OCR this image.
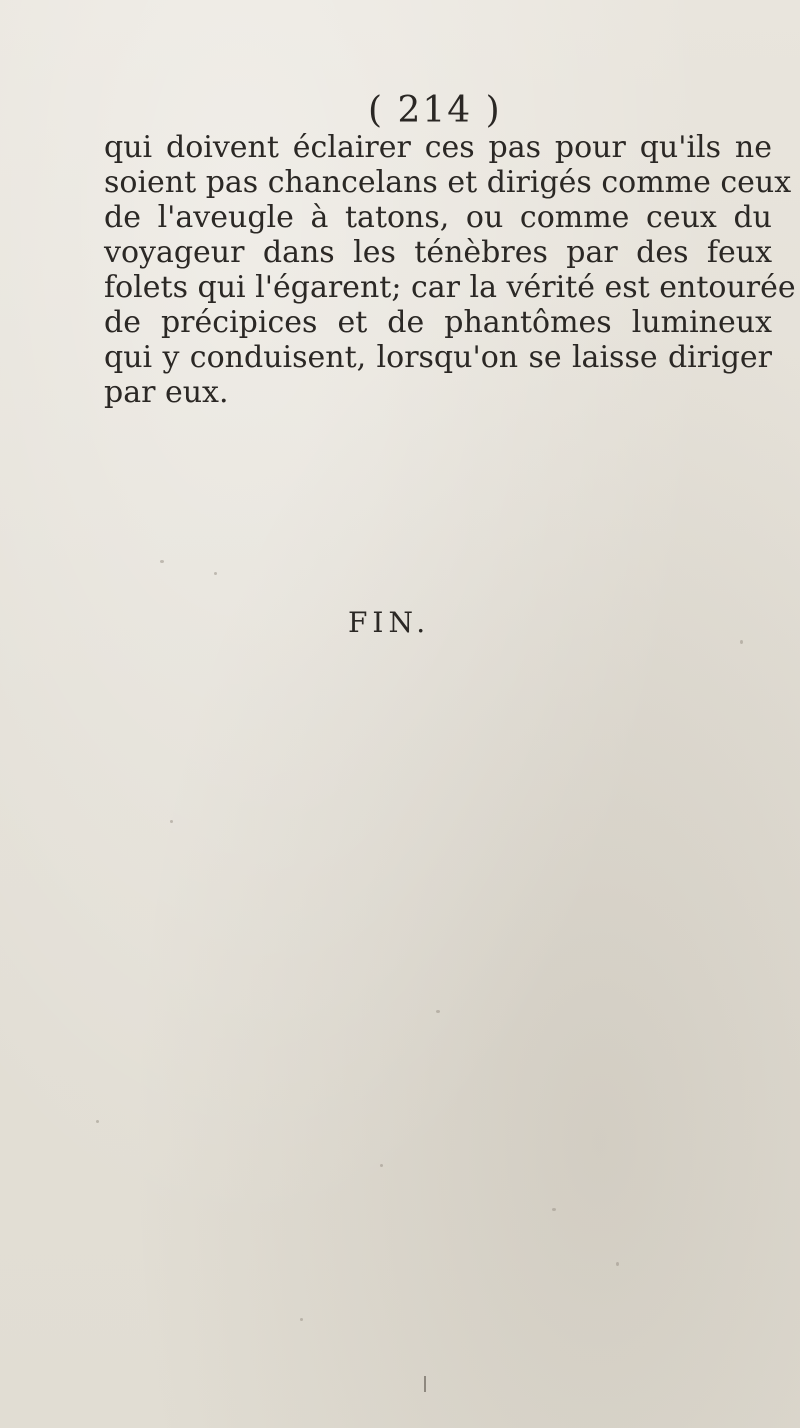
( 214 )

qui doivent éclairer ces pas pour qu'ils ne
soient pas chancelans et dirigés comme ceux
de l'aveugle à tatons, ou comme ceux du
voyageur dans les ténèbres par des feux
folets qui l'égarent; car la vérité est entourée
de précipices et de phantômes lumineux
qui y conduisent, lorsqu'on se laisse diriger
par eux.

FIN.
